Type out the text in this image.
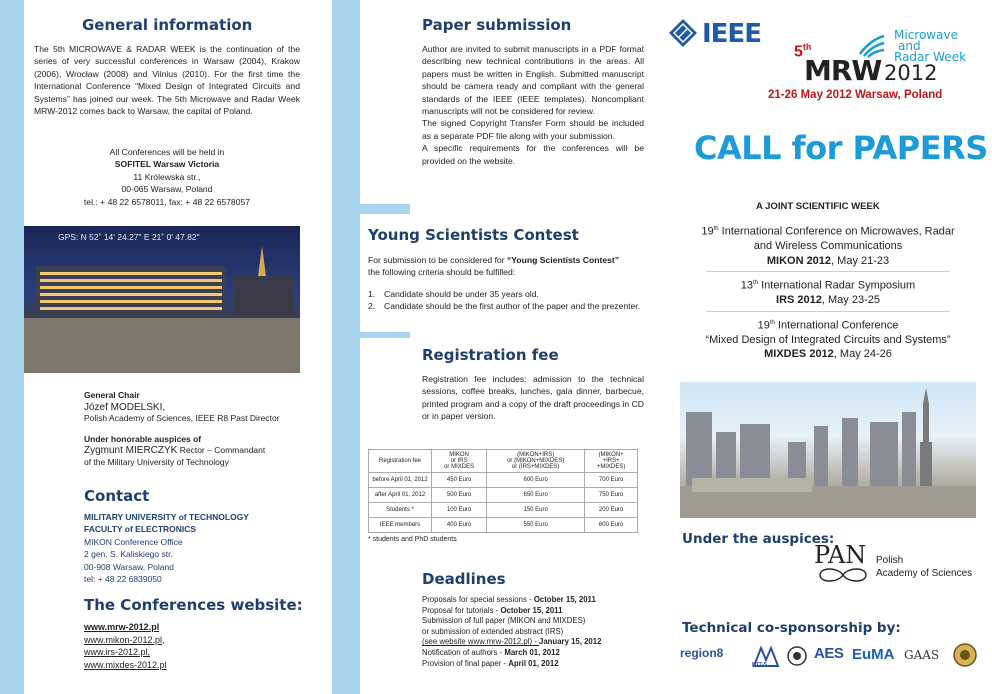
General information
The 5th MICROWAVE & RADAR WEEK is the continuation of the series of very successful conferences in Warsaw (2004), Krakow (2006), Wrocław (2008) and Vilnius (2010). For the first time the International Conference “Mixed Design of Integrated Circuits and Systems” has joined our week. The 5th Microwave and Radar Week MRW-2012 comes back to Warsaw, the capital of Poland.
All Conferences will be held in
SOFITEL Warsaw Victoria
11 Królewska str.,
00-065 Warsaw, Poland
tel.: + 48 22 6578011, fax: + 48 22 6578057
GPS: N 52˚ 14' 24.27" E 21˚ 0' 47.82"
General Chair
Józef MODELSKI,
Polish Academy of Sciences, IEEE R8 Past Director
Under honorable auspices of
Zygmunt MIERCZYK Rector – Commandant
of the Military University of Technology
Contact
MILITARY UNIVERSITY of TECHNOLOGY
FACULTY of ELECTRONICS
MIKON Conference Office
2 gen. S. Kaliskiego str.
00-908 Warsaw, Poland
tel: + 48 22 6839050
The Conferences website:
www.mrw-2012.pl
www.mikon-2012.pl,
www.irs-2012.pl,
www.mixdes-2012.pl
Paper submission
Author are invited to submit manuscripts in a PDF format describing new technical contributions in the areas. All papers must be written in English. Submitted manuscript should be camera ready and compliant with the general standards of the IEEE (IEEE templates). Noncompliant manuscripts will not be considered for review.
The signed Copyright Transfer Form should be included as a separate PDF file along with your submission.
A specific requirements for the conferences will be provided on the website.
Young Scientists Contest
For submission to be considered for “Young Scientists Contest”
the following criteria should be fulfilled:
1. Candidate should be under 35 years old.
2. Candidate should be the first author of the paper and the prezenter.
Registration fee
Registration fee includes: admission to the technical sessions, coffee breaks, lunches, gala dinner, barbecue, printed program and a copy of the draft proceedings in CD or in paper version.
Registration fee	MIKON
or IRS
or MIXDES	(MIKON+IRS)
or (MIKON+MIXDES)
or (IRS+MIXDES)	(MIKON+
+IRS+
+MIXDES)
before April 01, 2012	450 Euro	600 Euro	700 Euro
after April 01, 2012	500 Euro	650 Euro	750 Euro
Students *	100 Euro	150 Euro	200 Euro
IEEE members	400 Euro	550 Euro	600 Euro
* students and PhD students
Deadlines
Proposals for special sessions - October 15, 2011
Proposal for tutorials - October 15, 2011
Submission of full paper (MIKON and MIXDES)
or submission of extended abstract (IRS)
(see website www.mrw-2012.pl) - January 15, 2012
Notification of authors - March 01, 2012
Provision of final paper - April 01, 2012
IEEE	Microwave
and
Radar Week
5th
MRW 2012
21-26 May 2012 Warsaw, Poland
CALL for PAPERS
A JOINT SCIENTIFIC WEEK
19th International Conference on Microwaves, Radar
and Wireless Communications
MIKON 2012, May 21-23
13th International Radar Symposium
IRS 2012, May 23-25
19th International Conference
“Mixed Design of Integrated Circuits and Systems”
MIXDES 2012, May 24-26
Under the auspices:
PAN Polish
Academy of Sciences
Technical co-sponsorship by:
region8
MTT-S
AES EuMA GAAS
